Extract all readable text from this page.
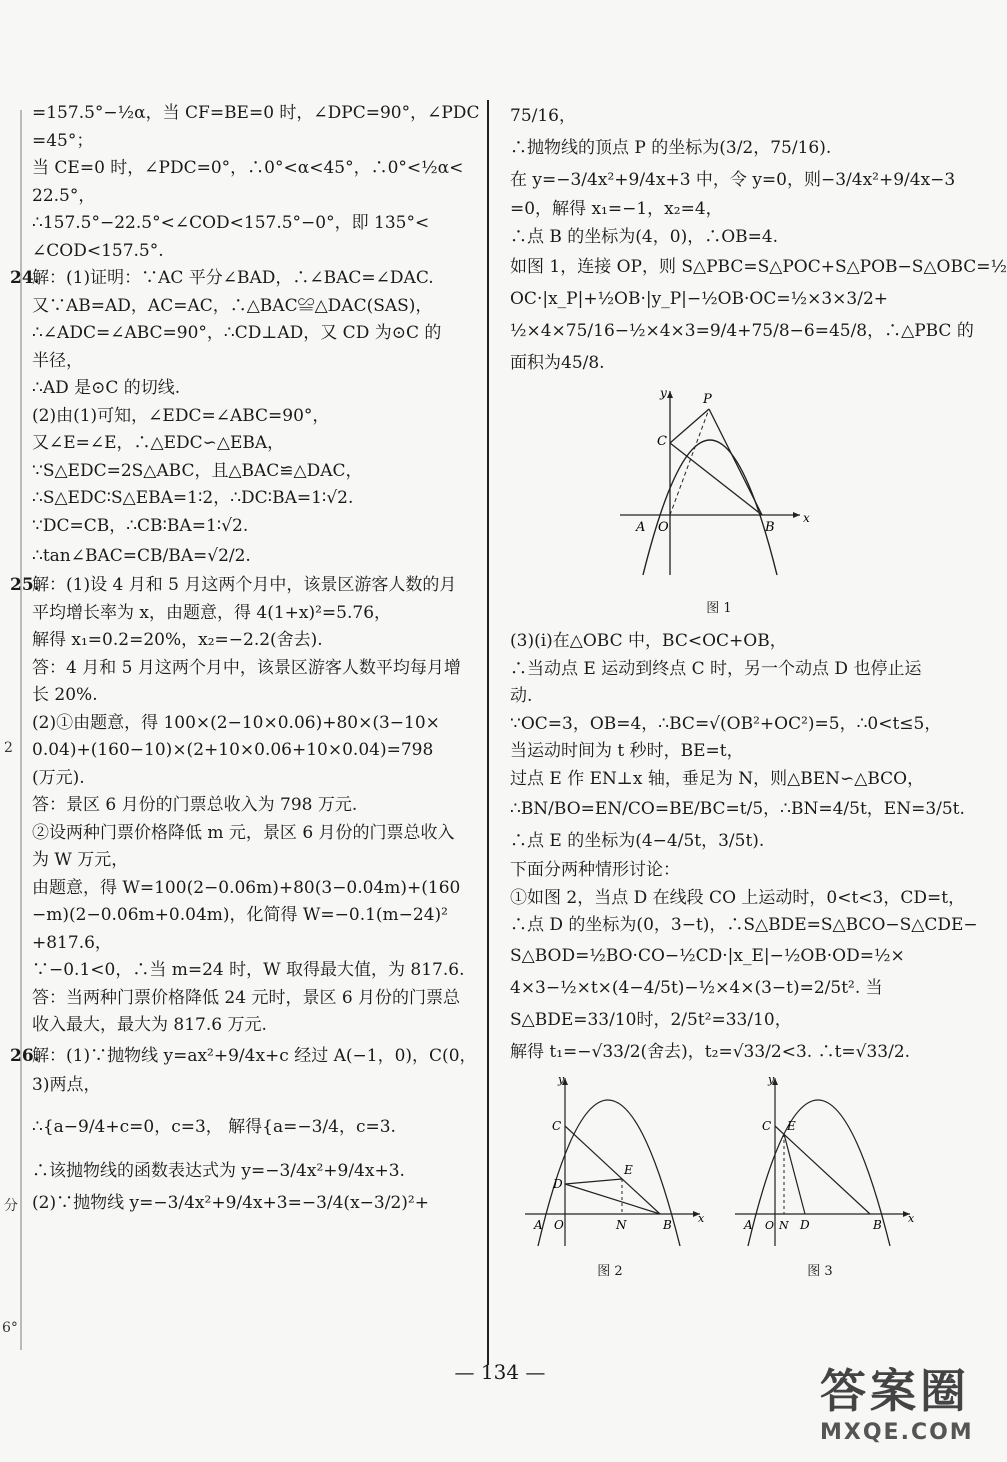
分
2
6°
=157.5°−½α，当 CF=BE=0 时，∠DPC=90°，∠PDC
=45°；
当 CE=0 时，∠PDC=0°，∴0°<α<45°，∴0°<½α<
22.5°，
∴157.5°−22.5°<∠COD<157.5°−0°，即 135°<
∠COD<157.5°.
24.解：(1)证明：∵AC 平分∠BAD，∴∠BAC=∠DAC.
又∵AB=AD，AC=AC，∴△BAC≌△DAC(SAS)，
∴∠ADC=∠ABC=90°，∴CD⊥AD，又 CD 为⊙C 的
半径，
∴AD 是⊙C 的切线.
(2)由(1)可知，∠EDC=∠ABC=90°，
又∠E=∠E，∴△EDC∽△EBA，
∵S△EDC=2S△ABC，且△BAC≌△DAC，
∴S△EDC∶S△EBA=1∶2，∴DC∶BA=1∶√2.
∵DC=CB，∴CB∶BA=1∶√2.
∴tan∠BAC=CB/BA=√2/2.
25.解：(1)设 4 月和 5 月这两个月中，该景区游客人数的月
平均增长率为 x，由题意，得 4(1+x)²=5.76，
解得 x₁=0.2=20%，x₂=−2.2(舍去).
答：4 月和 5 月这两个月中，该景区游客人数平均每月增
长 20%.
(2)①由题意，得 100×(2−10×0.06)+80×(3−10×
0.04)+(160−10)×(2+10×0.06+10×0.04)=798
(万元).
答：景区 6 月份的门票总收入为 798 万元.
②设两种门票价格降低 m 元，景区 6 月份的门票总收入
为 W 万元，
由题意，得 W=100(2−0.06m)+80(3−0.04m)+(160
−m)(2−0.06m+0.04m)，化简得 W=−0.1(m−24)²
+817.6，
∵−0.1<0，∴当 m=24 时，W 取得最大值，为 817.6.
答：当两种门票价格降低 24 元时，景区 6 月份的门票总
收入最大，最大为 817.6 万元.
26.解：(1)∵抛物线 y=ax²+9/4x+c 经过 A(−1，0)，C(0，
3)两点，
∴{a−9/4+c=0，c=3， 解得{a=−3/4，c=3.
∴该抛物线的函数表达式为 y=−3/4x²+9/4x+3.
(2)∵抛物线 y=−3/4x²+9/4x+3=−3/4(x−3/2)²+
75/16，
∴抛物线的顶点 P 的坐标为(3/2，75/16).
在 y=−3/4x²+9/4x+3 中，令 y=0，则−3/4x²+9/4x−3
=0，解得 x₁=−1，x₂=4，
∴点 B 的坐标为(4，0)，∴OB=4.
如图 1，连接 OP，则 S△PBC=S△POC+S△POB−S△OBC=½
OC·|x_P|+½OB·|y_P|−½OB·OC=½×3×3/2+
½×4×75/16−½×4×3=9/4+75/8−6=45/8，∴△PBC 的
面积为45/8.
y
x
P
C
A O	B
图 1
(3)(ⅰ)在△OBC 中，BC<OC+OB，
∴当动点 E 运动到终点 C 时，另一个动点 D 也停止运
动.
∵OC=3，OB=4，∴BC=√(OB²+OC²)=5，∴0<t≤5，
当运动时间为 t 秒时，BE=t，
过点 E 作 EN⊥x 轴，垂足为 N，则△BEN∽△BCO，
∴BN/BO=EN/CO=BE/BC=t/5，∴BN=4/5t，EN=3/5t.
∴点 E 的坐标为(4−4/5t，3/5t).
下面分两种情形讨论：
①如图 2，当点 D 在线段 CO 上运动时，0<t<3，CD=t，
∴点 D 的坐标为(0，3−t)，∴S△BDE=S△BCO−S△CDE−
S△BOD=½BO·CO−½CD·|x_E|−½OB·OD=½×
4×3−½×t×(4−4/5t)−½×4×(3−t)=2/5t². 当
S△BDE=33/10时，2/5t²=33/10，
解得 t₁=−√33/2(舍去)，t₂=√33/2<3. ∴t=√33/2.
y
x
C
D
E
A O	N	B
图 2
y
x
C E
A O N D	B
图 3
— 134 —	答案圈
MXQE.COM
